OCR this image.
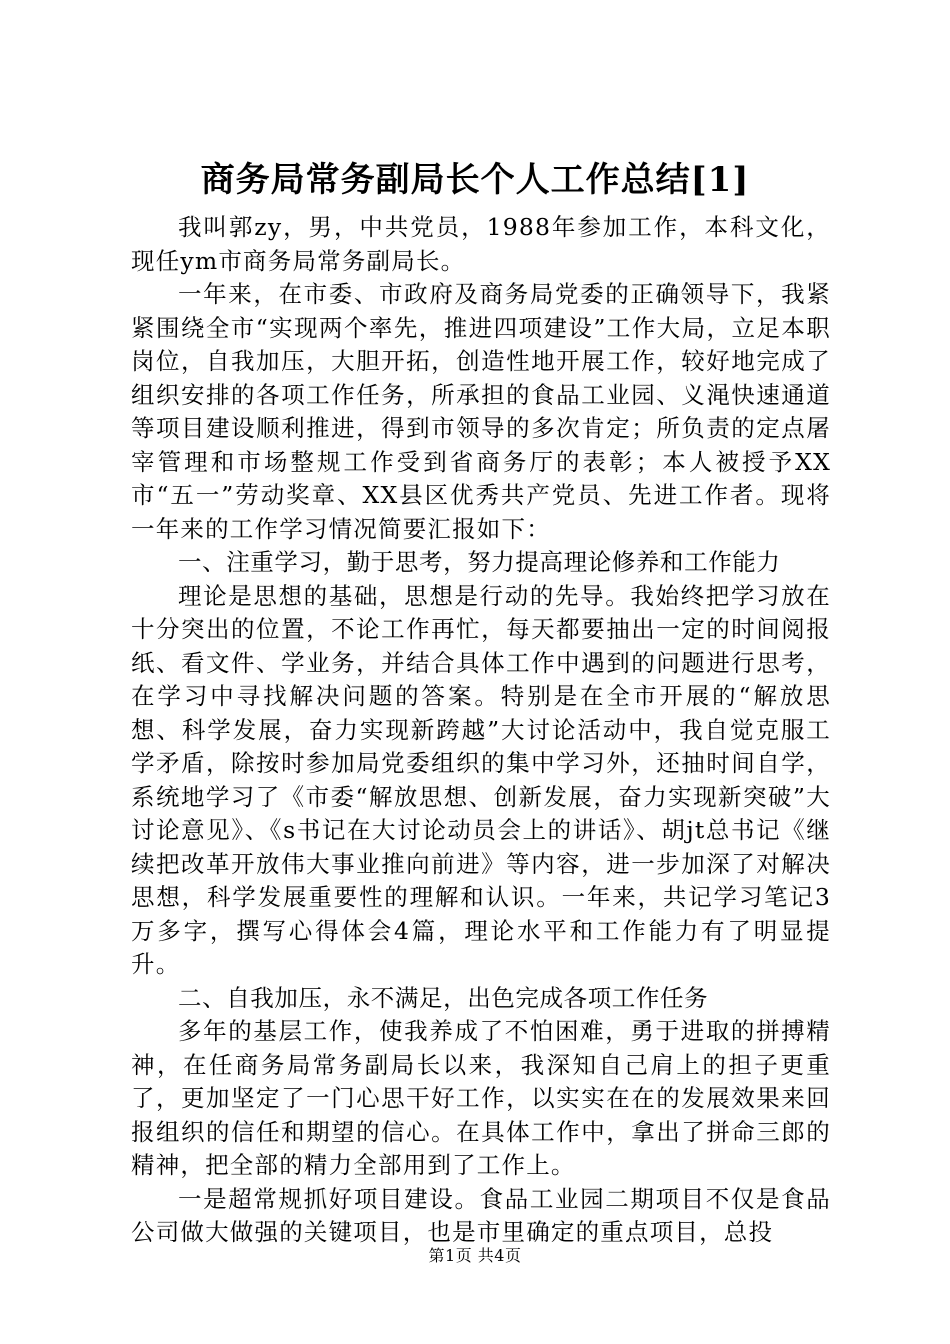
商务局常务副局长个人工作总结[1]

我叫郭zy，男，中共党员，1988年参加工作，本科文化，现任ym市商务局常务副局长。

一年来，在市委、市政府及商务局党委的正确领导下，我紧紧围绕全市“实现两个率先，推进四项建设”工作大局，立足本职岗位，自我加压，大胆开拓，创造性地开展工作，较好地完成了组织安排的各项工作任务，所承担的食品工业园、义渑快速通道等项目建设顺利推进，得到市领导的多次肯定；所负责的定点屠宰管理和市场整规工作受到省商务厅的表彰；本人被授予XX市“五一”劳动奖章、XX县区优秀共产党员、先进工作者。现将一年来的工作学习情况简要汇报如下：

一、注重学习，勤于思考，努力提高理论修养和工作能力

理论是思想的基础，思想是行动的先导。我始终把学习放在十分突出的位置，不论工作再忙，每天都要抽出一定的时间阅报纸、看文件、学业务，并结合具体工作中遇到的问题进行思考，在学习中寻找解决问题的答案。特别是在全市开展的“解放思想、科学发展，奋力实现新跨越”大讨论活动中，我自觉克服工学矛盾，除按时参加局党委组织的集中学习外，还抽时间自学，系统地学习了《市委“解放思想、创新发展，奋力实现新突破”大讨论意见》、《s书记在大讨论动员会上的讲话》、胡jt总书记《继续把改革开放伟大事业推向前进》等内容，进一步加深了对解决思想，科学发展重要性的理解和认识。一年来，共记学习笔记3万多字，撰写心得体会4篇，理论水平和工作能力有了明显提升。

二、自我加压，永不满足，出色完成各项工作任务

多年的基层工作，使我养成了不怕困难，勇于进取的拼搏精神，在任商务局常务副局长以来，我深知自己肩上的担子更重了，更加坚定了一门心思干好工作，以实实在在的发展效果来回报组织的信任和期望的信心。在具体工作中，拿出了拼命三郎的精神，把全部的精力全部用到了工作上。

一是超常规抓好项目建设。食品工业园二期项目不仅是食品公司做大做强的关键项目，也是市里确定的重点项目，总投

第1页 共4页
